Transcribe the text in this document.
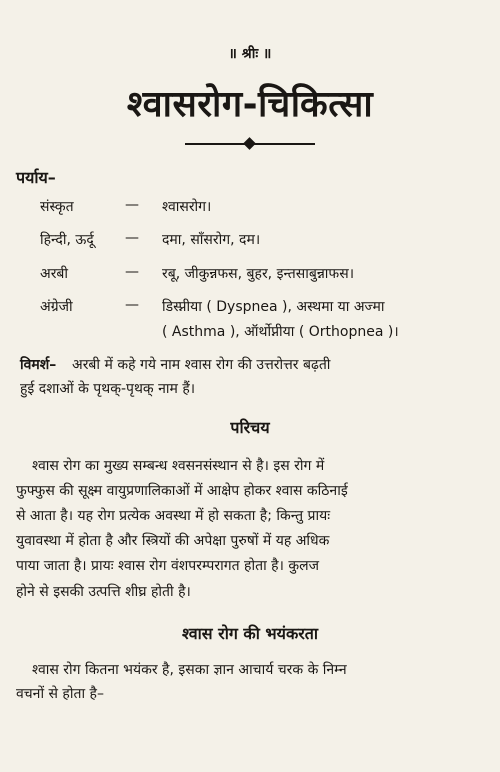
॥ श्रीः ॥
श्वासरोग-चिकित्सा
पर्याय–
संस्कृत	— श्वासरोग।
हिन्दी, ऊर्दू — दमा, साँसरोग, दम।
अरबी	— रबू, जीकुन्नफस, बुहर, इन्तसाबुन्नाफस।
अंग्रेजी	— डिस्प्नीया ( Dyspnea ), अस्थमा या अज्मा
( Asthma ), ऑर्थोप्नीया ( Orthopnea )।
विमर्श– अरबी में कहे गये नाम श्वास रोग की उत्तरोत्तर बढ़ती
हुई दशाओं के पृथक्-पृथक् नाम हैं।
परिचय
श्वास रोग का मुख्य सम्बन्ध श्वसनसंस्थान से है। इस रोग में
फुफ्फुस की सूक्ष्म वायुप्रणालिकाओं में आक्षेप होकर श्वास कठिनाई
से आता है। यह रोग प्रत्येक अवस्था में हो सकता है; किन्तु प्रायः
युवावस्था में होता है और स्त्रियों की अपेक्षा पुरुषों में यह अधिक
पाया जाता है। प्रायः श्वास रोग वंशपरम्परागत होता है। कुलज
होने से इसकी उत्पत्ति शीघ्र होती है।
श्वास रोग की भयंकरता
श्वास रोग कितना भयंकर है, इसका ज्ञान आचार्य चरक के निम्न
वचनों से होता है–
